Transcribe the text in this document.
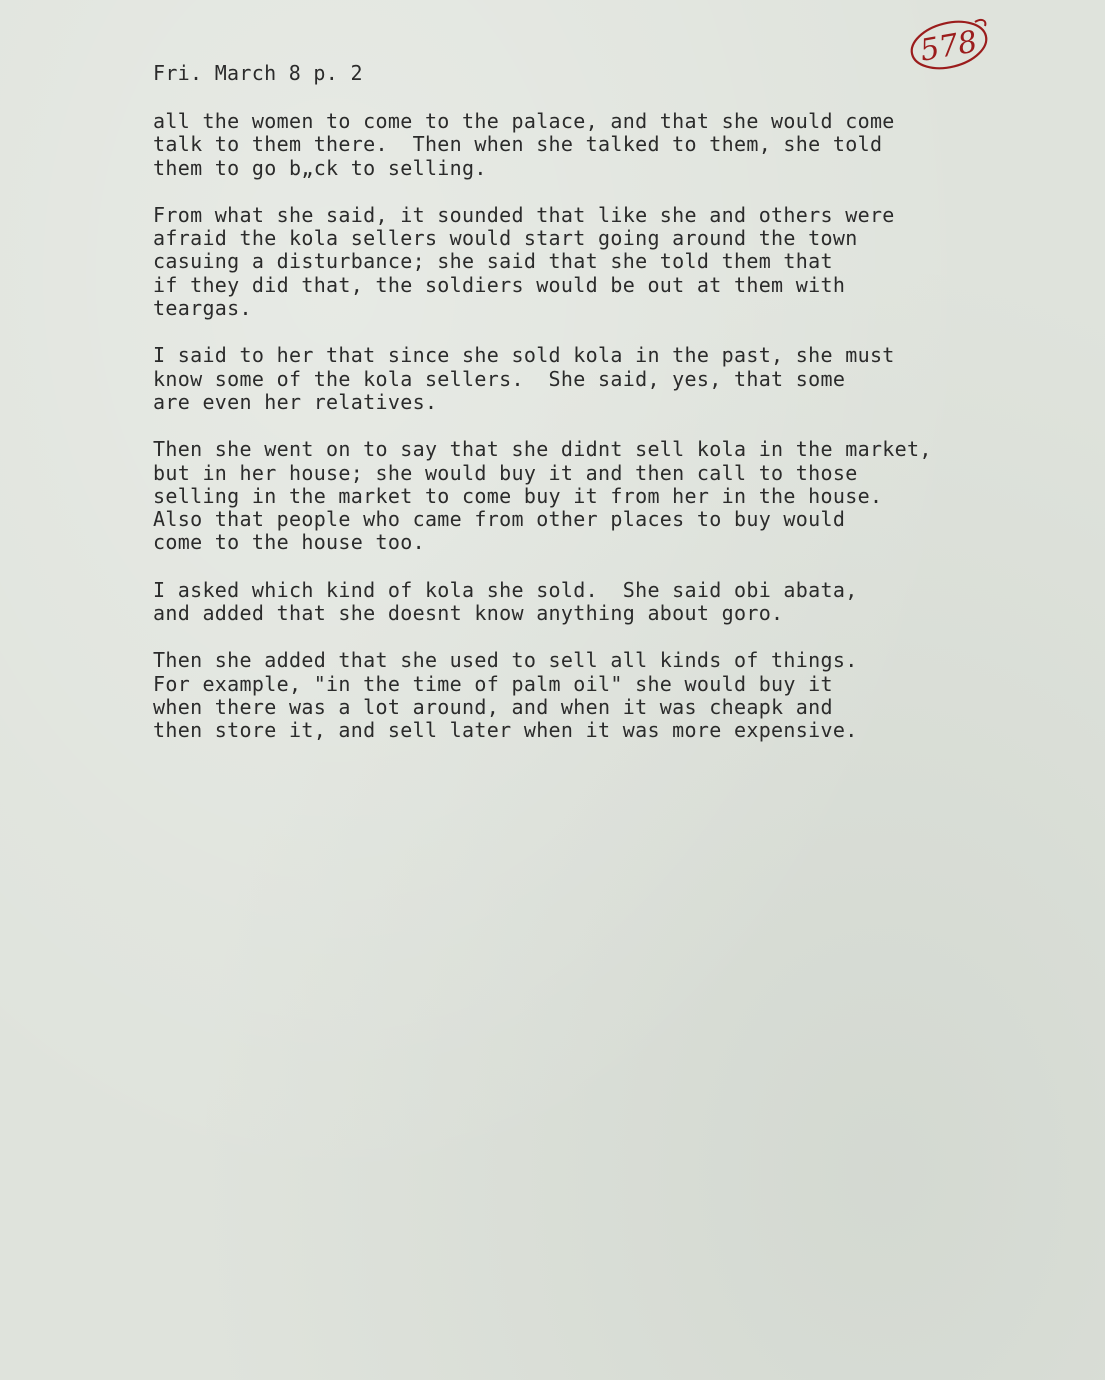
Fri. March 8 p. 2
578
all the women to come to the palace, and that she would come
talk to them there.  Then when she talked to them, she told
them to go b„ck to selling.
From what she said, it sounded that like she and others were
afraid the kola sellers would start going around the town
casuing a disturbance; she said that she told them that
if they did that, the soldiers would be out at them with
teargas.
I said to her that since she sold kola in the past, she must
know some of the kola sellers.  She said, yes, that some
are even her relatives.
Then she went on to say that she didnt sell kola in the market,
but in her house; she would buy it and then call to those
selling in the market to come buy it from her in the house.
Also that people who came from other places to buy would
come to the house too.
I asked which kind of kola she sold.  She said obi abata,
and added that she doesnt know anything about goro.
Then she added that she used to sell all kinds of things.
For example, "in the time of palm oil" she would buy it
when there was a lot around, and when it was cheapk and
then store it, and sell later when it was more expensive.
